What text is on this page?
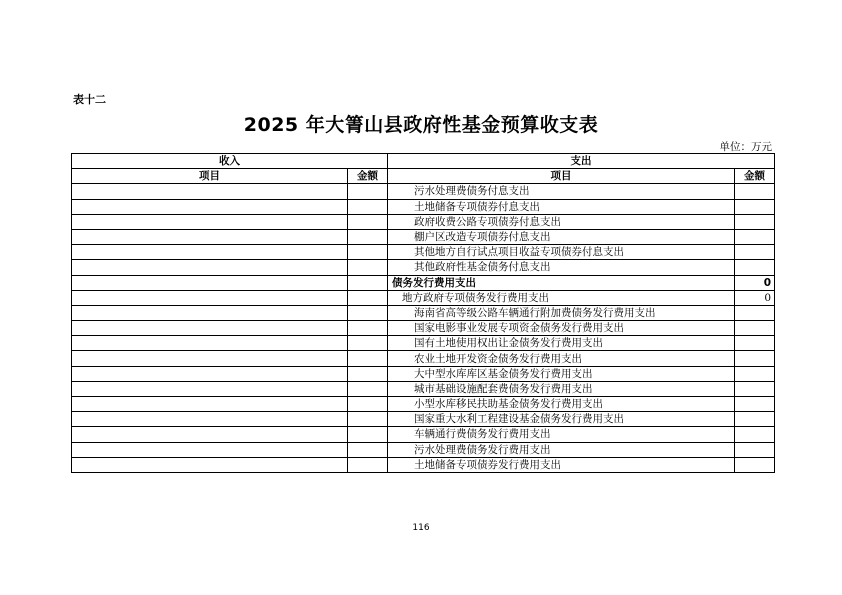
表十二
2025 年大箐山县政府性基金预算收支表
单位：万元
收入		支出	
项目	金额	项目	金额
		污水处理费债务付息支出	
		土地储备专项债券付息支出	
		政府收费公路专项债券付息支出	
		棚户区改造专项债券付息支出	
		其他地方自行试点项目收益专项债券付息支出	
		其他政府性基金债务付息支出	
		债务发行费用支出	0
		地方政府专项债务发行费用支出	0
		海南省高等级公路车辆通行附加费债务发行费用支出	
		国家电影事业发展专项资金债务发行费用支出	
		国有土地使用权出让金债务发行费用支出	
		农业土地开发资金债务发行费用支出	
		大中型水库库区基金债务发行费用支出	
		城市基础设施配套费债务发行费用支出	
		小型水库移民扶助基金债务发行费用支出	
		国家重大水利工程建设基金债务发行费用支出	
		车辆通行费债务发行费用支出	
		污水处理费债务发行费用支出	
		土地储备专项债券发行费用支出	
116
